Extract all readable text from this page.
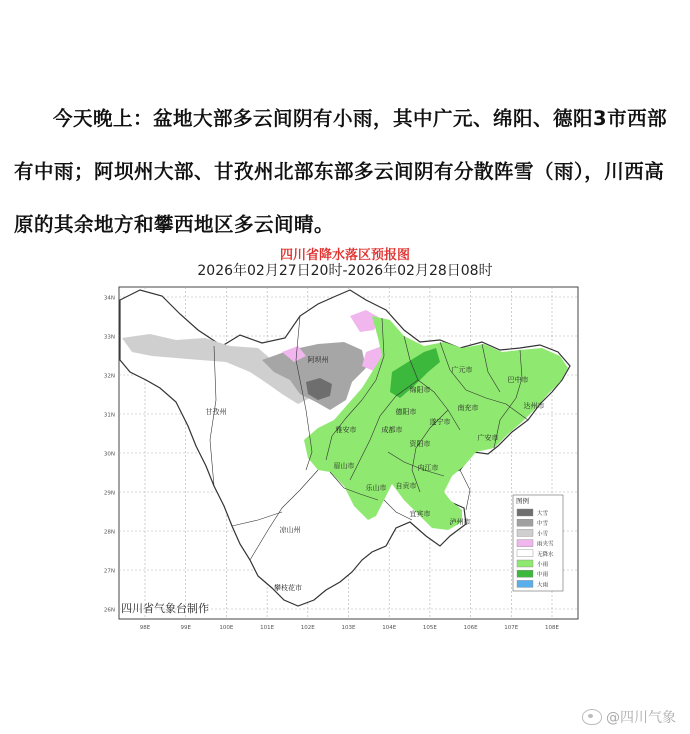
今天晚上：盆地大部多云间阴有小雨，其中广元、绵阳、德阳3市西部有中雨；阿坝州大部、甘孜州北部东部多云间阴有分散阵雪（雨），川西高原的其余地方和攀西地区多云间晴。

四川省降水落区预报图
2026年02月27日20时-2026年02月28日08时
34N
33N
32N
31N
30N
29N
28N
27N
26N
98E	99E	100E	101E	102E	103E	104E	105E	106E	107E	108E
阿坝州
甘孜州
广元市
绵阳市
德阳市
成都市
雅安市
眉山市
乐山市
遂宁市
南充市
巴中市
达州市
广安市
资阳市
内江市
自贡市
宜宾市
泸州市
凉山州
攀枝花市
图例
大雪
中雪
小雪
雨夹雪
无降水
小雨
中雨
大雨
四川省气象台制作
@四川气象
